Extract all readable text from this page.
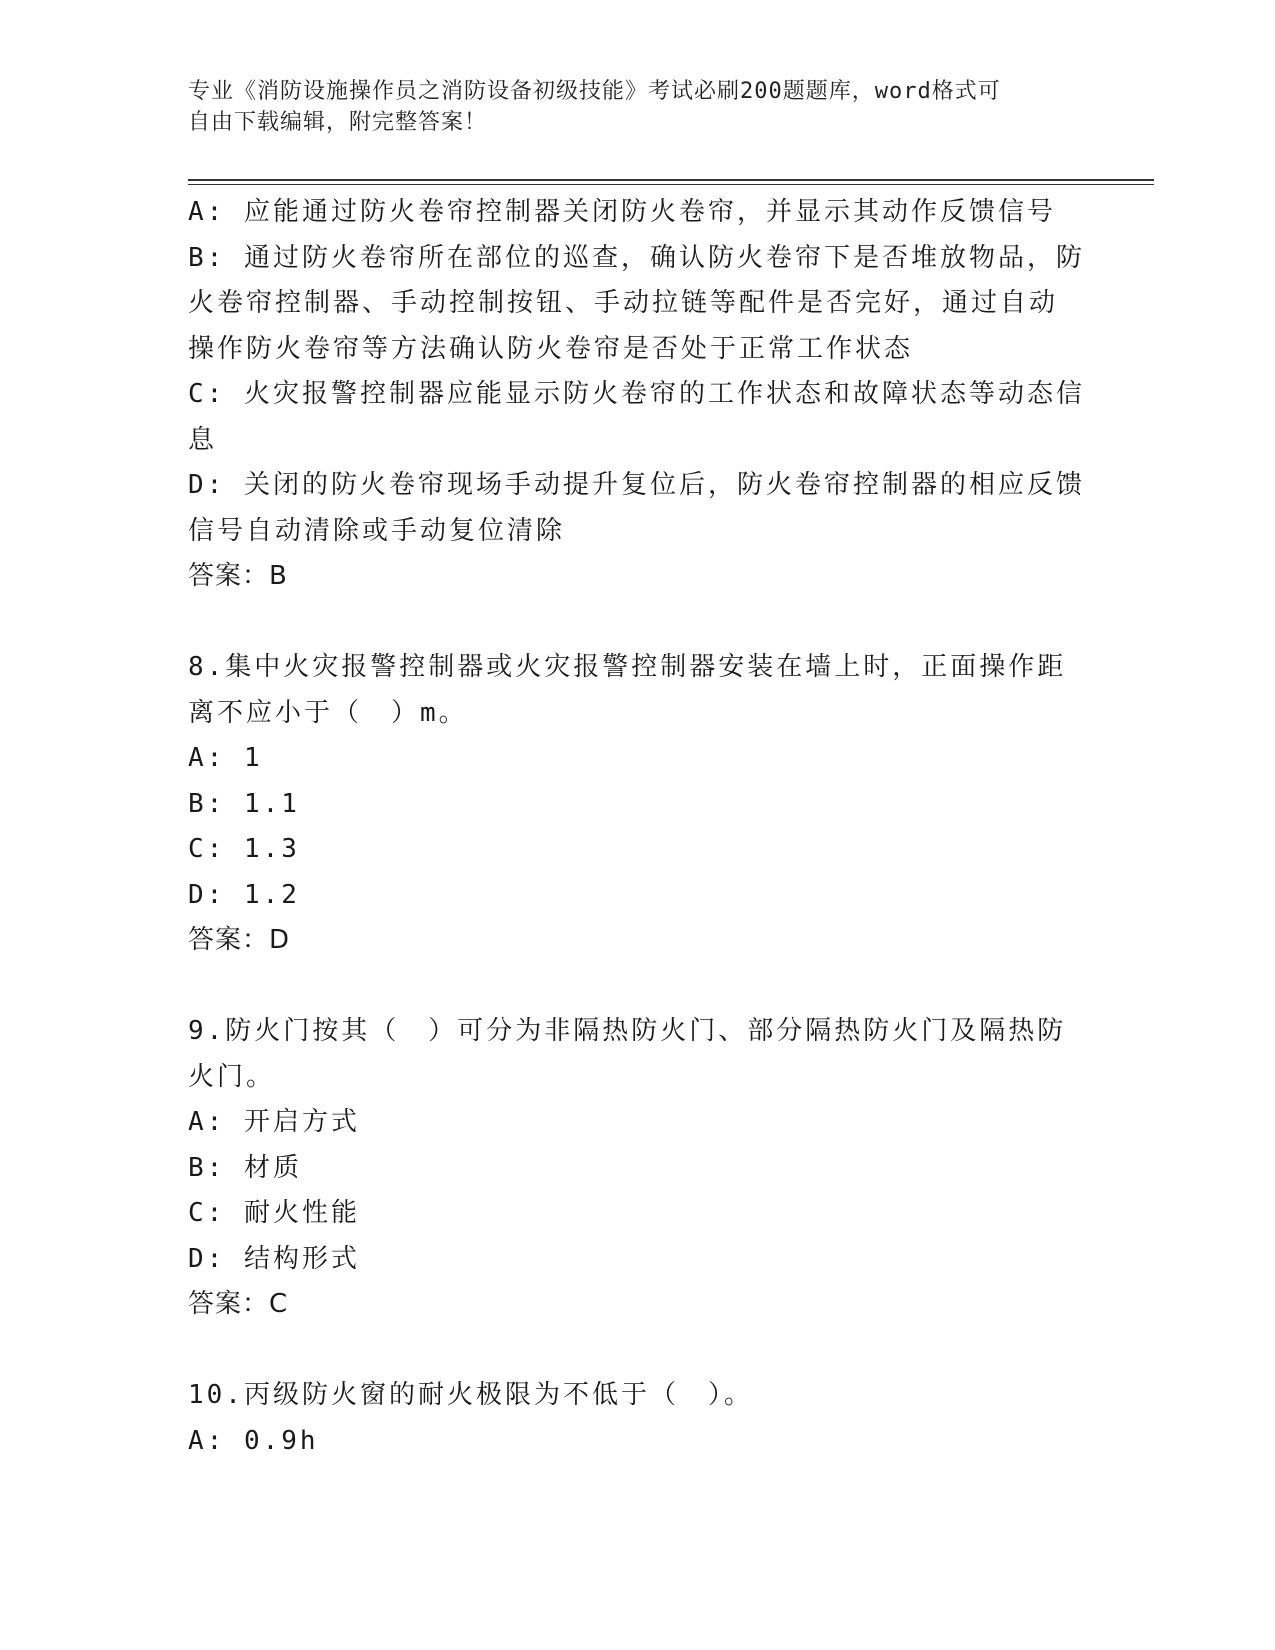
专业《消防设施操作员之消防设备初级技能》考试必刷200题题库，word格式可
自由下载编辑，附完整答案！
A: 应能通过防火卷帘控制器关闭防火卷帘，并显示其动作反馈信号
B: 通过防火卷帘所在部位的巡查，确认防火卷帘下是否堆放物品，防
火卷帘控制器、手动控制按钮、手动拉链等配件是否完好，通过自动
操作防火卷帘等方法确认防火卷帘是否处于正常工作状态
C: 火灾报警控制器应能显示防火卷帘的工作状态和故障状态等动态信
息
D: 关闭的防火卷帘现场手动提升复位后，防火卷帘控制器的相应反馈
信号自动清除或手动复位清除
答案：B
8.集中火灾报警控制器或火灾报警控制器安装在墙上时，正面操作距
离不应小于（　）m。
A: 1
B: 1.1
C: 1.3
D: 1.2
答案：D
9.防火门按其（　）可分为非隔热防火门、部分隔热防火门及隔热防
火门。
A: 开启方式
B: 材质
C: 耐火性能
D: 结构形式
答案：C
10.丙级防火窗的耐火极限为不低于（　）。
A: 0.9h
